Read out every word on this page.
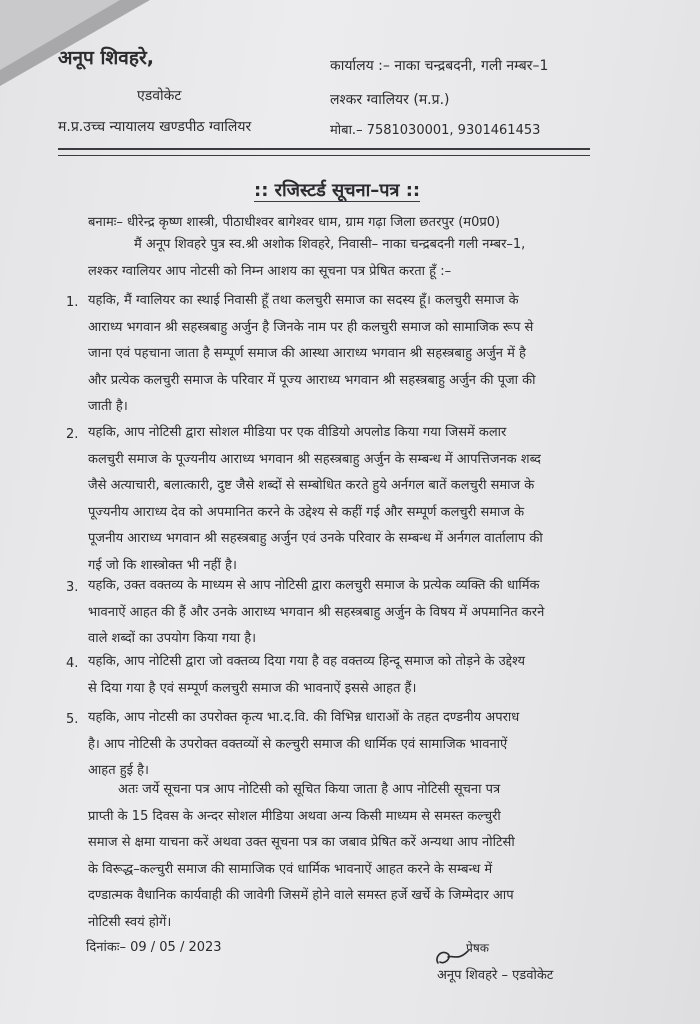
अनूप शिवहरे,
एडवोकेट
म.प्र.उच्च न्यायालय खण्डपीठ ग्वालियर
कार्यालय :– नाका चन्द्रबदनी, गली नम्बर–1
लश्कर ग्वालियर (म.प्र.)
मोबा.– 7581030001, 9301461453
:: रजिस्टर्ड सूचना–पत्र ::
बनामः– धीरेन्द्र कृष्ण शास्त्री, पीठाधीश्वर बागेश्वर धाम, ग्राम गढ़ा जिला छतरपुर (म0प्र0)
मैं अनूप शिवहरे पुत्र स्व.श्री अशोक शिवहरे, निवासी– नाका चन्द्रबदनी गली नम्बर–1,
लश्कर ग्वालियर आप नोटसी को निम्न आशय का सूचना पत्र प्रेषित करता हूँ :–
1. यहकि, मैं ग्वालियर का स्थाई निवासी हूँ तथा कलचुरी समाज का सदस्य हूँ। कलचुरी समाज के
आराध्य भगवान श्री सहस्त्रबाहु अर्जुन है जिनके नाम पर ही कलचुरी समाज को सामाजिक रूप से
जाना एवं पहचाना जाता है सम्पूर्ण समाज की आस्था आराध्य भगवान श्री सहस्त्रबाहु अर्जुन में है
और प्रत्येक कलचुरी समाज के परिवार में पूज्य आराध्य भगवान श्री सहस्त्रबाहु अर्जुन की पूजा की
जाती है।
2. यहकि, आप नोटिसी द्वारा सोशल मीडिया पर एक वीडियो अपलोड किया गया जिसमें कलार
कलचुरी समाज के पूज्यनीय आराध्य भगवान श्री सहस्त्रबाहु अर्जुन के सम्बन्ध में आपत्तिजनक शब्द
जैसे अत्याचारी, बलात्कारी, दुष्ट जैसे शब्दों से सम्बोधित करते हुये अर्नगल बातें कलचुरी समाज के
पूज्यनीय आराध्य देव को अपमानित करने के उद्देश्य से कहीं गई और सम्पूर्ण कलचुरी समाज के
पूजनीय आराध्य भगवान श्री सहस्त्रबाहु अर्जुन एवं उनके परिवार के सम्बन्ध में अर्नगल वार्तालाप की
गई जो कि शास्त्रोक्त भी नहीं है।
3. यहकि, उक्त वक्तव्य के माध्यम से आप नोटिसी द्वारा कलचुरी समाज के प्रत्येक व्यक्ति की धार्मिक
भावनाऐं आहत की हैं और उनके आराध्य भगवान श्री सहस्त्रबाहु अर्जुन के विषय में अपमानित करने
वाले शब्दों का उपयोग किया गया है।
4. यहकि, आप नोटिसी द्वारा जो वक्तव्य दिया गया है वह वक्तव्य हिन्दू समाज को तोड़ने के उद्देश्य
से दिया गया है एवं सम्पूर्ण कलचुरी समाज की भावनाऐं इससे आहत हैं।
5. यहकि, आप नोटसी का उपरोक्त कृत्य भा.द.वि. की विभिन्न धाराओं के तहत दण्डनीय अपराध
है। आप नोटिसी के उपरोक्त वक्तव्यों से कल्चुरी समाज की धार्मिक एवं सामाजिक भावनाऐं
आहत हुई है।
अतः जर्ये सूचना पत्र आप नोटिसी को सूचित किया जाता है आप नोटिसी सूचना पत्र
प्राप्ती के 15 दिवस के अन्दर सोशल मीडिया अथवा अन्य किसी माध्यम से समस्त कल्चुरी
समाज से क्षमा याचना करें अथवा उक्त सूचना पत्र का जबाव प्रेषित करें अन्यथा आप नोटिसी
के विरूद्ध–कल्चुरी समाज की सामाजिक एवं धार्मिक भावनाऐं आहत करने के सम्बन्ध में
दण्डात्मक वैधानिक कार्यवाही की जावेगी जिसमें होने वाले समस्त हर्जे खर्चे के जिम्मेदार आप
नोटिसी स्वयं होगें।
दिनांकः– 09 / 05 / 2023	प्रेषक
अनूप शिवहरे – एडवोकेट
